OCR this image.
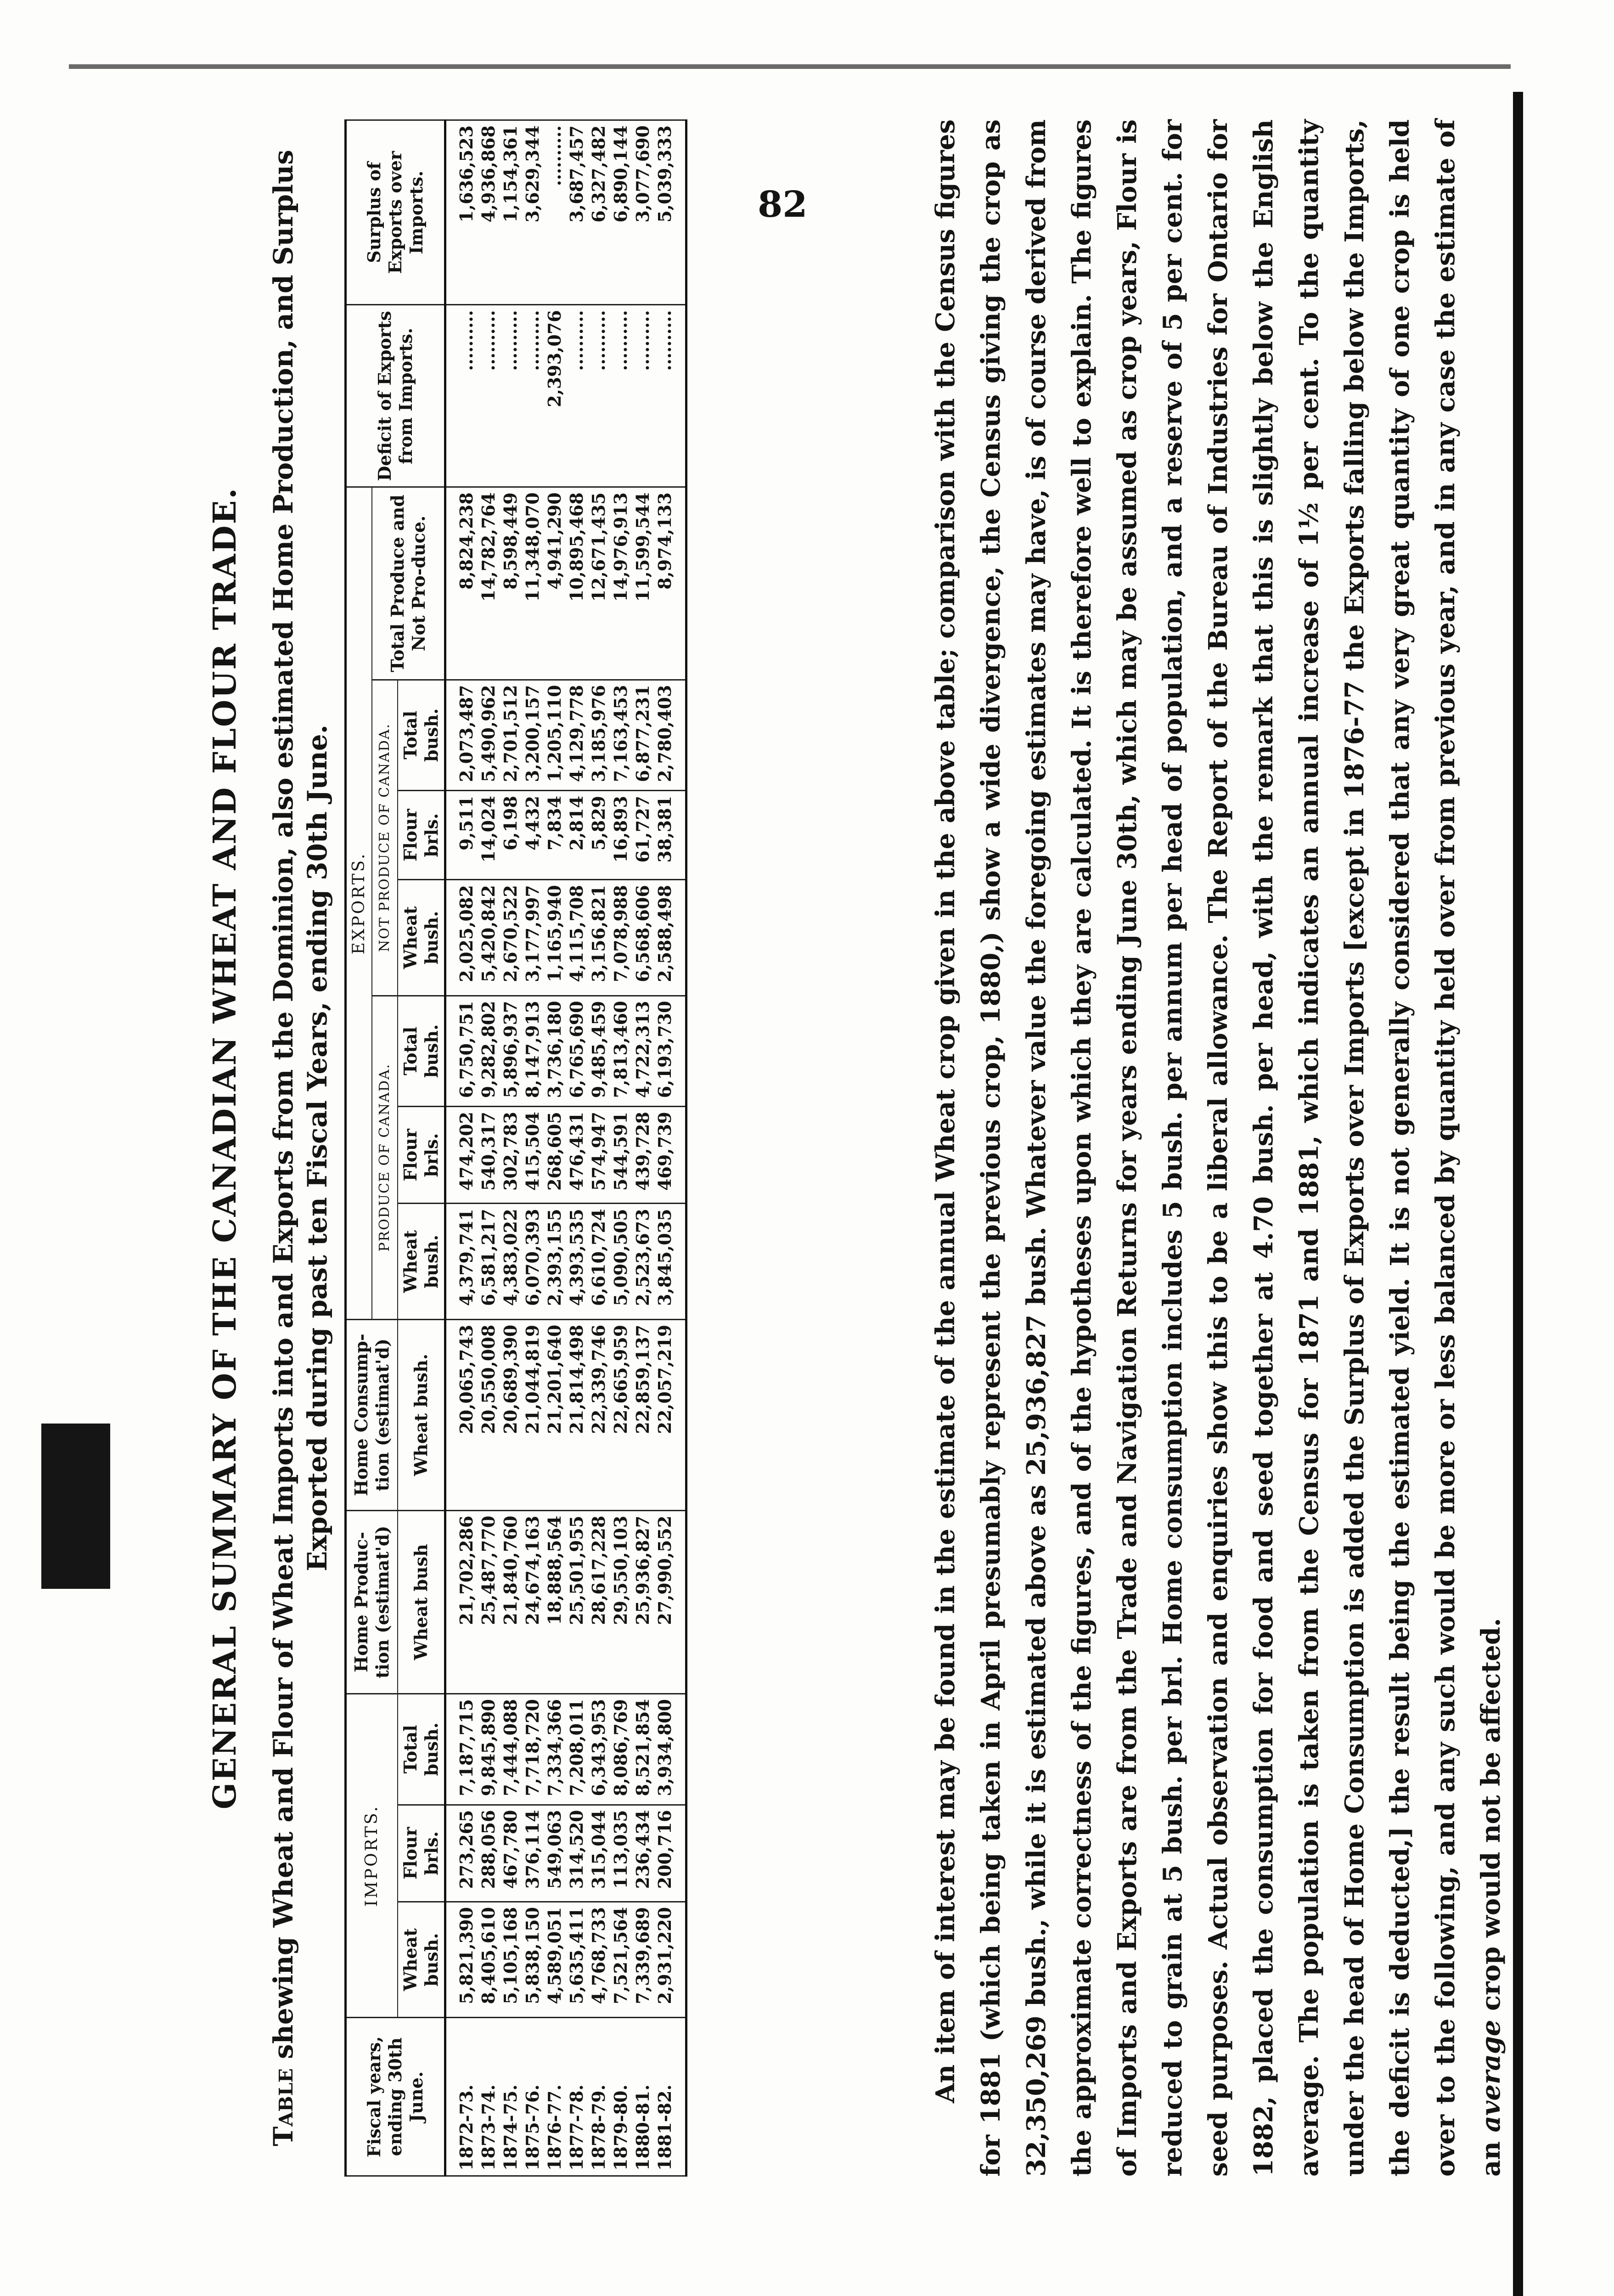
82
GENERAL SUMMARY OF THE CANADIAN WHEAT AND FLOUR TRADE.
Table shewing Wheat and Flour of Wheat Imports into and Exports from the Dominion, also estimated Home Production, and Surplus Exported during past ten Fiscal Years, ending 30th June.
Fiscal years, ending 30th June.	IMPORTS.			Home Produc-tion (estimat'd)	Home Consump-tion (estimat'd)	EXPORTS.							Deficit of Exports from Imports.	Surplus of Exports over Imports.
						PRODUCE OF CANADA.			NOT PRODUCE OF CANADA.			Total Produce and Not Pro-duce.		
	Wheat bush.	Flour brls.	Total bush.	Wheat bush	Wheat bush.	Wheat bush.	Flour brls.	Total bush.	Wheat bush.	Flour brls.	Total bush.			
1872-73.	5,821,390	273,265	7,187,715	21,702,286	20,065,743	4,379,741	474,202	6,750,751	2,025,082	9,511	2,073,487	8,824,238	..........	1,636,523
1873-74.	8,405,610	288,056	9,845,890	25,487,770	20,550,008	6,581,217	540,317	9,282,802	5,420,842	14,024	5,490,962	14,782,764	..........	4,936,868
1874-75.	5,105,168	467,780	7,444,088	21,840,760	20,689,390	4,383,022	302,783	5,896,937	2,670,522	6,198	2,701,512	8,598,449	..........	1,154,361
1875-76.	5,838,150	376,114	7,718,720	24,674,163	21,044,819	6,070,393	415,504	8,147,913	3,177,997	4,432	3,200,157	11,348,070	..........	3,629,344
1876-77.	4,589,051	549,063	7,334,366	18,888,564	21,201,640	2,393,155	268,605	3,736,180	1,165,940	7,834	1,205,110	4,941,290	2,393,076	..........
1877-78.	5,635,411	314,520	7,208,011	25,501,955	21,814,498	4,393,535	476,431	6,765,690	4,115,708	2,814	4,129,778	10,895,468	..........	3,687,457
1878-79.	4,768,733	315,044	6,343,953	28,617,228	22,339,746	6,610,724	574,947	9,485,459	3,156,821	5,829	3,185,976	12,671,435	..........	6,327,482
1879-80.	7,521,564	113,035	8,086,769	29,550,103	22,665,959	5,090,505	544,591	7,813,460	7,078,988	16,893	7,163,453	14,976,913	..........	6,890,144
1880-81.	7,339,689	236,434	8,521,854	25,936,827	22,859,137	2,523,673	439,728	4,722,313	6,568,606	61,727	6,877,231	11,599,544	..........	3,077,690
1881-82.	2,931,220	200,716	3,934,800	27,990,552	22,057,219	3,845,035	469,739	6,193,730	2,588,498	38,381	2,780,403	8,974,133	..........	5,039,333	An item of interest may be found in the estimate of the annual Wheat crop given in the above table; comparison with the Census figures for 1881 (which being taken in April presumably represent the previous crop, 1880,) show a wide divergence, the Census giving the crop as 32,350,269 bush., while it is estimated above as 25,936,827 bush. Whatever value the foregoing estimates may have, is of course derived from the approximate correctness of the figures, and of the hypotheses upon which they are calculated. It is therefore well to explain. The figures of Imports and Exports are from the Trade and Navigation Returns for years ending June 30th, which may be assumed as crop years, Flour is reduced to grain at 5 bush. per brl. Home consumption includes 5 bush. per annum per head of population, and a reserve of 5 per cent. for seed purposes. Actual observation and enquiries show this to be a liberal allowance. The Report of the Bureau of Industries for Ontario for 1882, placed the consumption for food and seed together at 4.70 bush. per head, with the remark that this is slightly below the English average. The population is taken from the Census for 1871 and 1881, which indicates an annual increase of 1½ per cent. To the quantity under the head of Home Consumption is added the Surplus of Exports over Imports [except in 1876-77 the Exports falling below the Imports, the deficit is deducted,] the result being the estimated yield. It is not generally considered that any very great quantity of one crop is held over to the following, and any such would be more or less balanced by quantity held over from previous year, and in any case the estimate of an average crop would not be affected.
